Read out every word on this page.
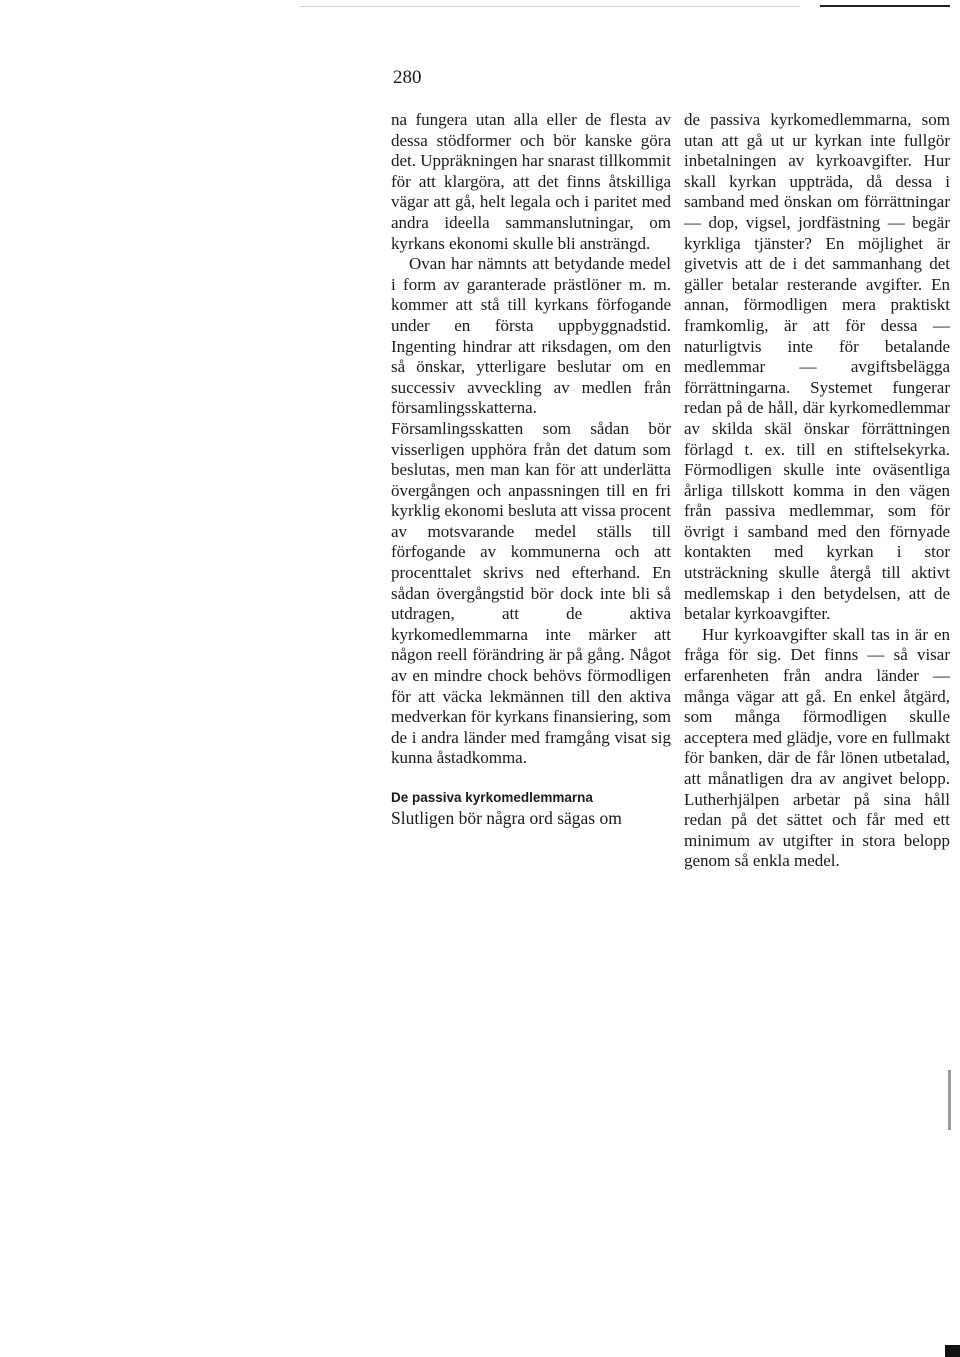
280

na fungera utan alla eller de flesta av dessa stödformer och bör kanske göra det. Uppräkningen har snarast tillkommit för att klargöra, att det finns åtskilliga vägar att gå, helt legala och i paritet med andra ideella sammanslutningar, om kyrkans ekonomi skulle bli ansträngd.

Ovan har nämnts att betydande medel i form av garanterade prästlöner m. m. kommer att stå till kyrkans förfogande under en första uppbyggnadstid. Ingenting hindrar att riksdagen, om den så önskar, ytterligare beslutar om en successiv avveckling av medlen från församlingsskatterna. Församlingsskatten som sådan bör visserligen upphöra från det datum som beslutas, men man kan för att underlätta övergången och anpassningen till en fri kyrklig ekonomi besluta att vissa procent av motsvarande medel ställs till förfogande av kommunerna och att procenttalet skrivs ned efterhand. En sådan övergångstid bör dock inte bli så utdragen, att de aktiva kyrkomedlemmarna inte märker att någon reell förändring är på gång. Något av en mindre chock behövs förmodligen för att väcka lekmännen till den aktiva medverkan för kyrkans finansiering, som de i andra länder med framgång visat sig kunna åstadkomma.

De passiva kyrkomedlemmarna

Slutligen bör några ord sägas om

de passiva kyrkomedlemmarna, som utan att gå ut ur kyrkan inte fullgör inbetalningen av kyrkoavgifter. Hur skall kyrkan uppträda, då dessa i samband med önskan om förrättningar — dop, vigsel, jordfästning — begär kyrkliga tjänster? En möjlighet är givetvis att de i det sammanhang det gäller betalar resterande avgifter. En annan, förmodligen mera praktiskt framkomlig, är att för dessa — naturligtvis inte för betalande medlemmar — avgiftsbelägga förrättningarna. Systemet fungerar redan på de håll, där kyrkomedlemmar av skilda skäl önskar förrättningen förlagd t. ex. till en stiftelsekyrka. Förmodligen skulle inte oväsentliga årliga tillskott komma in den vägen från passiva medlemmar, som för övrigt i samband med den förnyade kontakten med kyrkan i stor utsträckning skulle återgå till aktivt medlemskap i den betydelsen, att de betalar kyrkoavgifter.

Hur kyrkoavgifter skall tas in är en fråga för sig. Det finns — så visar erfarenheten från andra länder — många vägar att gå. En enkel åtgärd, som många förmodligen skulle acceptera med glädje, vore en fullmakt för banken, där de får lönen utbetalad, att månatligen dra av angivet belopp. Lutherhjälpen arbetar på sina håll redan på det sättet och får med ett minimum av utgifter in stora belopp genom så enkla medel.
